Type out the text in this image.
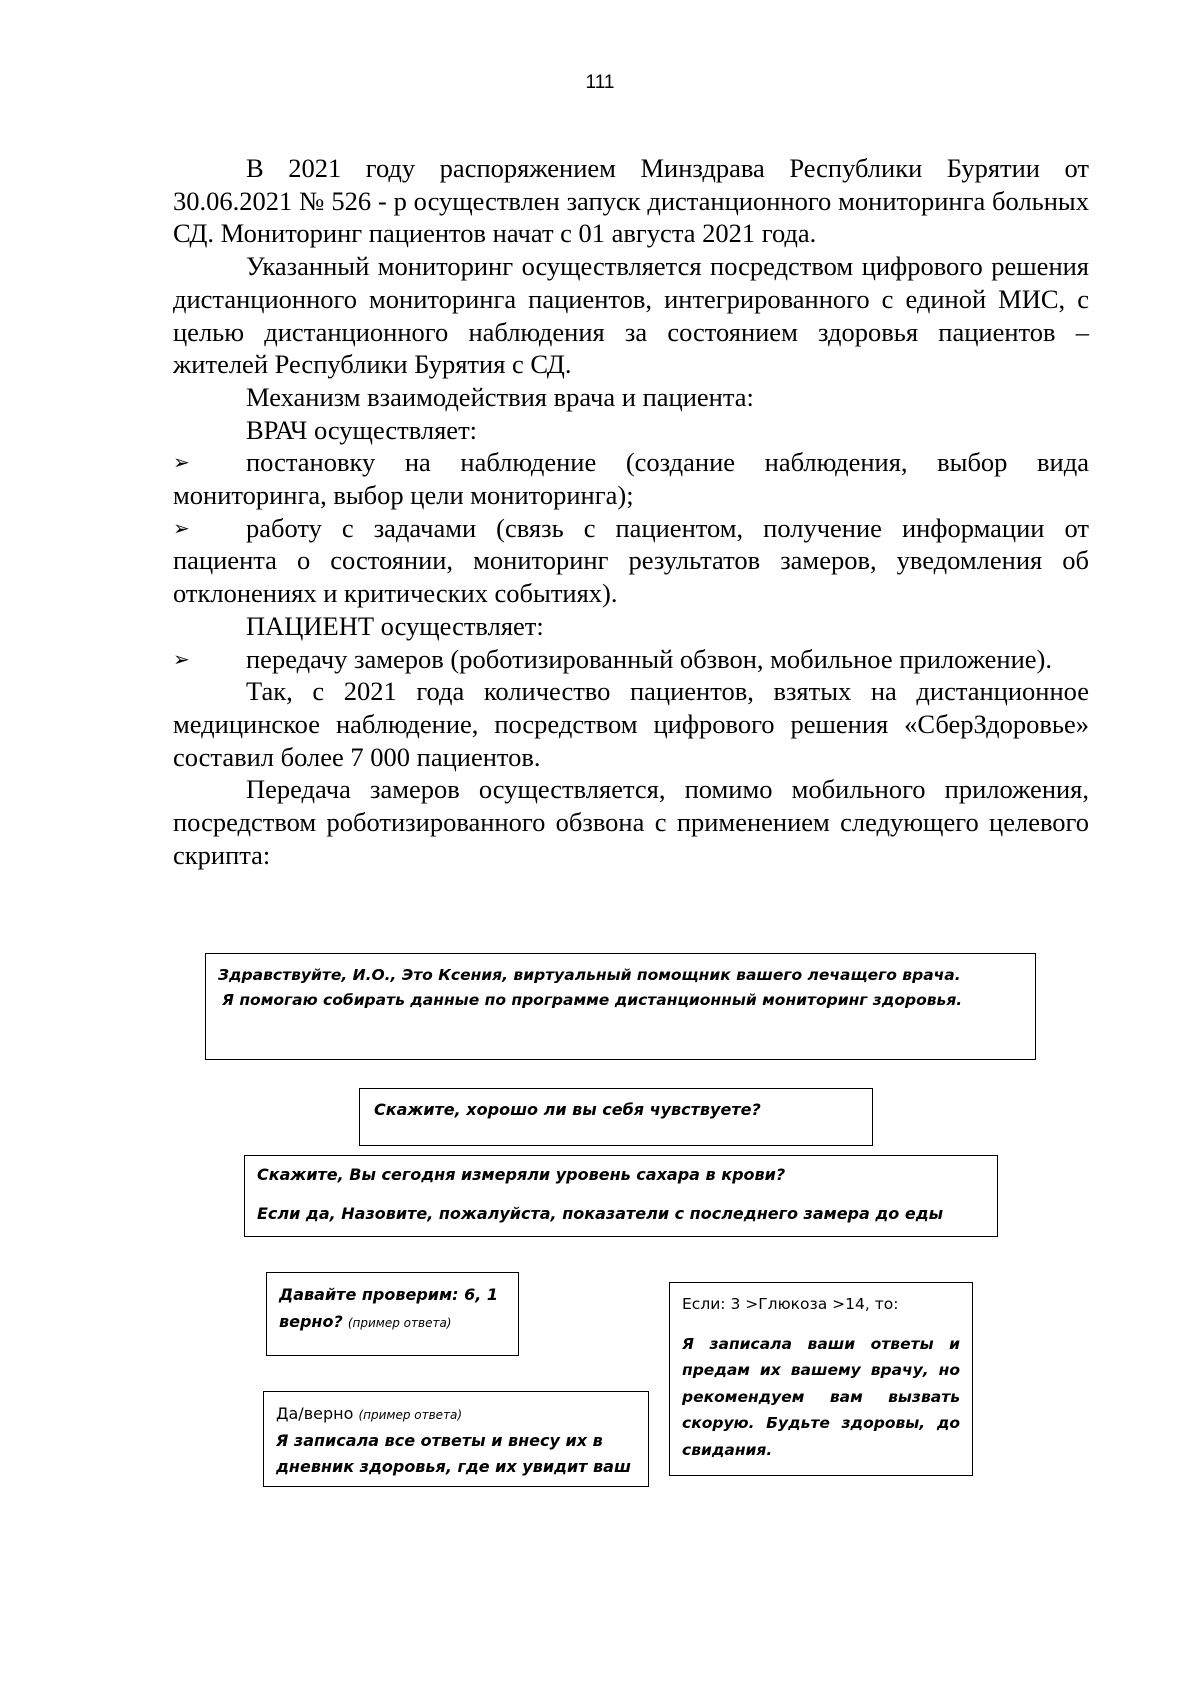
111

В 2021 году распоряжением Минздрава Республики Бурятии от 30.06.2021 № 526 - р осуществлен запуск дистанционного мониторинга больных СД. Мониторинг пациентов начат с 01 августа 2021 года.

Указанный мониторинг осуществляется посредством цифрового решения дистанционного мониторинга пациентов, интегрированного с единой МИС, с целью дистанционного наблюдения за состоянием здоровья пациентов – жителей Республики Бурятия с СД.

Механизм взаимодействия врача и пациента:

ВРАЧ осуществляет:

➢ постановку на наблюдение (создание наблюдения, выбор вида мониторинга, выбор цели мониторинга);

➢ работу с задачами (связь с пациентом, получение информации от пациента о состоянии, мониторинг результатов замеров, уведомления об отклонениях и критических событиях).

ПАЦИЕНТ осуществляет:

➢ передачу замеров (роботизированный обзвон, мобильное приложение).

Так, с 2021 года количество пациентов, взятых на дистанционное медицинское наблюдение, посредством цифрового решения «СберЗдоровье» составил более 7 000 пациентов.

Передача замеров осуществляется, помимо мобильного приложения, посредством роботизированного обзвона с применением следующего целевого скрипта:

Здравствуйте, И.О., Это Ксения, виртуальный помощник вашего лечащего врача.
Я помогаю собирать данные по программе дистанционный мониторинг здоровья.
Скажите, хорошо ли вы себя чувствуете?
Скажите, Вы сегодня измеряли уровень сахара в крови?
Если да, Назовите, пожалуйста, показатели с последнего замера до еды
Давайте проверим: 6, 1
верно? (пример ответа)
Если: 3 >Глюкоза >14, то:
Я записала ваши ответы и предам их вашему врачу, но рекомендуем вам вызвать скорую. Будьте здоровы, до свидания.
Да/верно (пример ответа)
Я записала все ответы и внесу их в
дневник здоровья, где их увидит ваш
